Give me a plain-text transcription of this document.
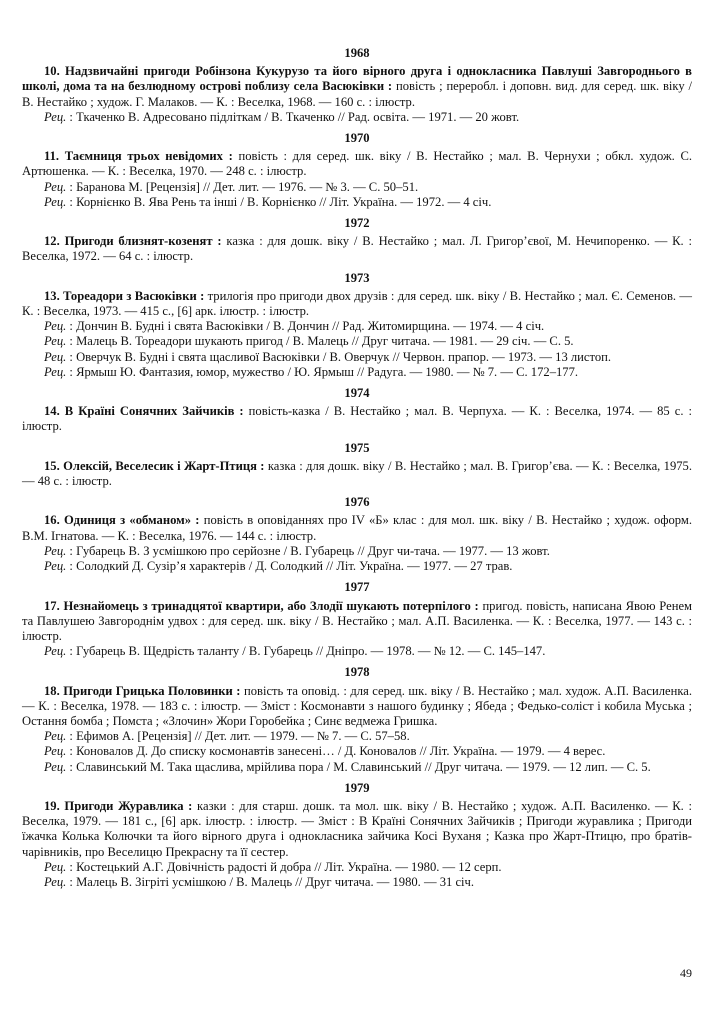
1968
10. Надзвичайні пригоди Робінзона Кукурузо та його вірного друга і однокласника Павлуші Завгороднього в школі, дома та на безлюдному острові поблизу села Васюківки : повість ; переробл. і доповн. вид. для серед. шк. віку / В. Нестайко ; худож. Г. Малаков. — К. : Веселка, 1968. — 160 с. : ілюстр.
Рец. : Ткаченко В. Адресовано підліткам / В. Ткаченко // Рад. освіта. — 1971. — 20 жовт.
1970
11. Таємниця трьох невідомих : повість : для серед. шк. віку / В. Нестайко ; мал. В. Чернухи ; обкл. худож. С. Артюшенка. — К. : Веселка, 1970. — 248 с. : ілюстр.
Рец. : Баранова М. [Рецензія] // Дет. лит. — 1976. — № 3. — С. 50–51.
Рец. : Корнієнко В. Ява Рень та інші / В. Корнієнко // Літ. Україна. — 1972. — 4 січ.
1972
12. Пригоди близнят-козенят : казка : для дошк. віку / В. Нестайко ; мал. Л. Григор’євої, М. Нечипоренко. — К. : Веселка, 1972. — 64 с. : ілюстр.
1973
13. Тореадори з Васюківки : трилогія про пригоди двох друзів : для серед. шк. віку / В. Нестайко ; мал. Є. Семенов. — К. : Веселка, 1973. — 415 с., [6] арк. ілюстр. : ілюстр.
Рец. : Дончин В. Будні і свята Васюківки / В. Дончин // Рад. Житомирщина. — 1974. — 4 січ.
Рец. : Малець В. Тореадори шукають пригод / В. Малець // Друг читача. — 1981. — 29 січ. — С. 5.
Рец. : Оверчук В. Будні і свята щасливої Васюківки / В. Оверчук // Червон. прапор. — 1973. — 13 листоп.
Рец. : Ярмыш Ю. Фантазия, юмор, мужество / Ю. Ярмыш // Радуга. — 1980. — № 7. — С. 172–177.
1974
14. В Країні Сонячних Зайчиків : повість-казка / В. Нестайко ; мал. В. Черпуха. — К. : Веселка, 1974. — 85 с. : ілюстр.
1975
15. Олексій, Веселесик і Жарт-Птиця : казка : для дошк. віку / В. Нестайко ; мал. В. Григор’єва. — К. : Веселка, 1975. — 48 с. : ілюстр.
1976
16. Одиниця з «обманом» : повість в оповіданнях про IV «Б» клас : для мол. шк. віку / В. Нестайко ; худож. оформ. В.М. Ігнатова. — К. : Веселка, 1976. — 144 с. : ілюстр.
Рец. : Губарець В. З усмішкою про серйозне / В. Губарець // Друг чи-тача. — 1977. — 13 жовт.
Рец. : Солодкий Д. Сузір’я характерів / Д. Солодкий // Літ. Україна. — 1977. — 27 трав.
1977
17. Незнайомець з тринадцятої квартири, або Злодії шукають потерпілого : пригод. повість, написана Явою Ренем та Павлушею Завгороднім удвох : для серед. шк. віку / В. Нестайко ; мал. А.П. Василенка. — К. : Веселка, 1977. — 143 с. : ілюстр.
Рец. : Губарець В. Щедрість таланту / В. Губарець // Дніпро. — 1978. — № 12. — С. 145–147.
1978
18. Пригоди Грицька Половинки : повість та оповід. : для серед. шк. віку / В. Нестайко ; мал. худож. А.П. Василенка. — К. : Веселка, 1978. — 183 с. : ілюстр. — Зміст : Космонавти з нашого будинку ; Ябеда ; Федько-соліст і кобила Муська ; Остання бомба ; Помста ; «Злочин» Жори Горобейка ; Синє ведмежа Гришка.
Рец. : Ефимов А. [Рецензія] // Дет. лит. — 1979. — № 7. — С. 57–58.
Рец. : Коновалов Д. До списку космонавтів занесені… / Д. Коновалов // Літ. Україна. — 1979. — 4 верес.
Рец. : Славинський М. Така щаслива, мрійлива пора / М. Славинський // Друг читача. — 1979. — 12 лип. — С. 5.
1979
19. Пригоди Журавлика : казки : для старш. дошк. та мол. шк. віку / В. Нестайко ; худож. А.П. Василенко. — К. : Веселка, 1979. — 181 с., [6] арк. ілюстр. : ілюстр. — Зміст : В Країні Сонячних Зайчиків ; Пригоди журавлика ; Пригоди їжачка Колька Колючки та його вірного друга і однокласника зайчика Косі Вуханя ; Казка про Жарт-Птицю, про братів-чарівників, про Веселицю Прекрасну та її сестер.
Рец. : Костецький А.Г. Довічність радості й добра // Літ. Україна. — 1980. — 12 серп.
Рец. : Малець В. Зігріті усмішкою / В. Малець // Друг читача. — 1980. — 31 січ.
49
